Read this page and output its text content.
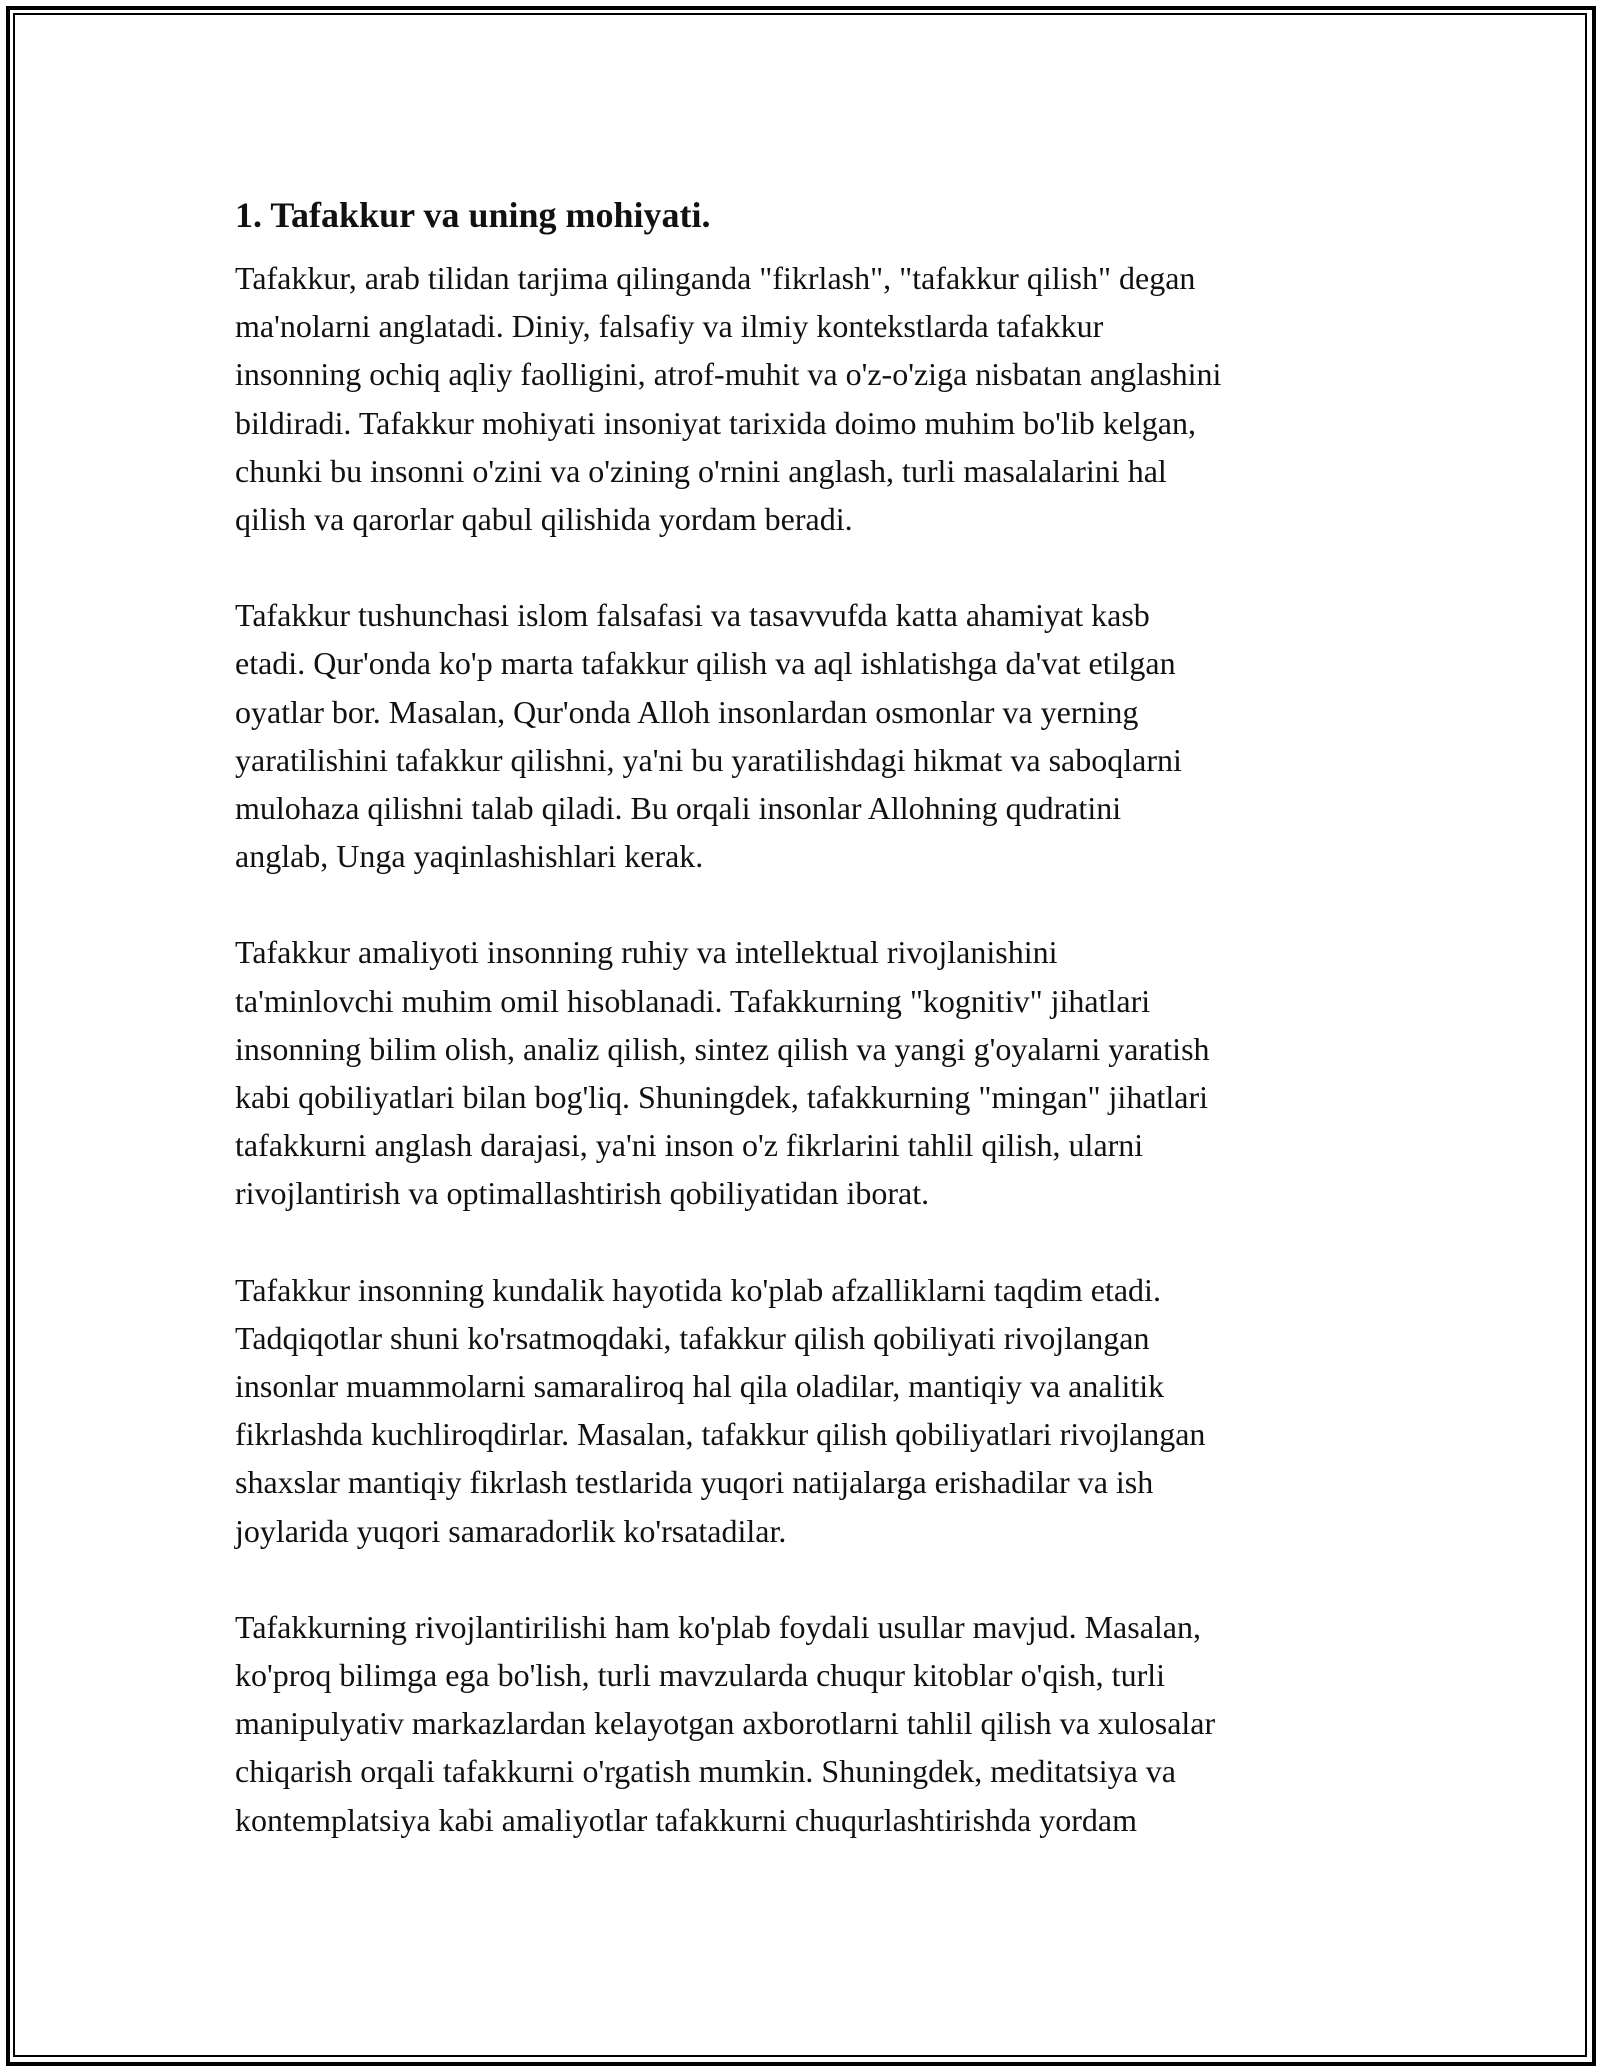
1. Tafakkur va uning mohiyati.

Tafakkur, arab tilidan tarjima qilinganda "fikrlash", "tafakkur qilish" degan
ma'nolarni anglatadi. Diniy, falsafiy va ilmiy kontekstlarda tafakkur
insonning ochiq aqliy faolligini, atrof-muhit va o'z-o'ziga nisbatan anglashini
bildiradi. Tafakkur mohiyati insoniyat tarixida doimo muhim bo'lib kelgan,
chunki bu insonni o'zini va o'zining o'rnini anglash, turli masalalarini hal
qilish va qarorlar qabul qilishida yordam beradi.

Tafakkur tushunchasi islom falsafasi va tasavvufda katta ahamiyat kasb
etadi. Qur'onda ko'p marta tafakkur qilish va aql ishlatishga da'vat etilgan
oyatlar bor. Masalan, Qur'onda Alloh insonlardan osmonlar va yerning
yaratilishini tafakkur qilishni, ya'ni bu yaratilishdagi hikmat va saboqlarni
mulohaza qilishni talab qiladi. Bu orqali insonlar Allohning qudratini
anglab, Unga yaqinlashishlari kerak.

Tafakkur amaliyoti insonning ruhiy va intellektual rivojlanishini
ta'minlovchi muhim omil hisoblanadi. Tafakkurning "kognitiv" jihatlari
insonning bilim olish, analiz qilish, sintez qilish va yangi g'oyalarni yaratish
kabi qobiliyatlari bilan bog'liq. Shuningdek, tafakkurning "mingan" jihatlari
tafakkurni anglash darajasi, ya'ni inson o'z fikrlarini tahlil qilish, ularni
rivojlantirish va optimallashtirish qobiliyatidan iborat.

Tafakkur insonning kundalik hayotida ko'plab afzalliklarni taqdim etadi.
Tadqiqotlar shuni ko'rsatmoqdaki, tafakkur qilish qobiliyati rivojlangan
insonlar muammolarni samaraliroq hal qila oladilar, mantiqiy va analitik
fikrlashda kuchliroqdirlar. Masalan, tafakkur qilish qobiliyatlari rivojlangan
shaxslar mantiqiy fikrlash testlarida yuqori natijalarga erishadilar va ish
joylarida yuqori samaradorlik ko'rsatadilar.

Tafakkurning rivojlantirilishi ham ko'plab foydali usullar mavjud. Masalan,
ko'proq bilimga ega bo'lish, turli mavzularda chuqur kitoblar o'qish, turli
manipulyativ markazlardan kelayotgan axborotlarni tahlil qilish va xulosalar
chiqarish orqali tafakkurni o'rgatish mumkin. Shuningdek, meditatsiya va
kontemplatsiya kabi amaliyotlar tafakkurni chuqurlashtirishda yordam
